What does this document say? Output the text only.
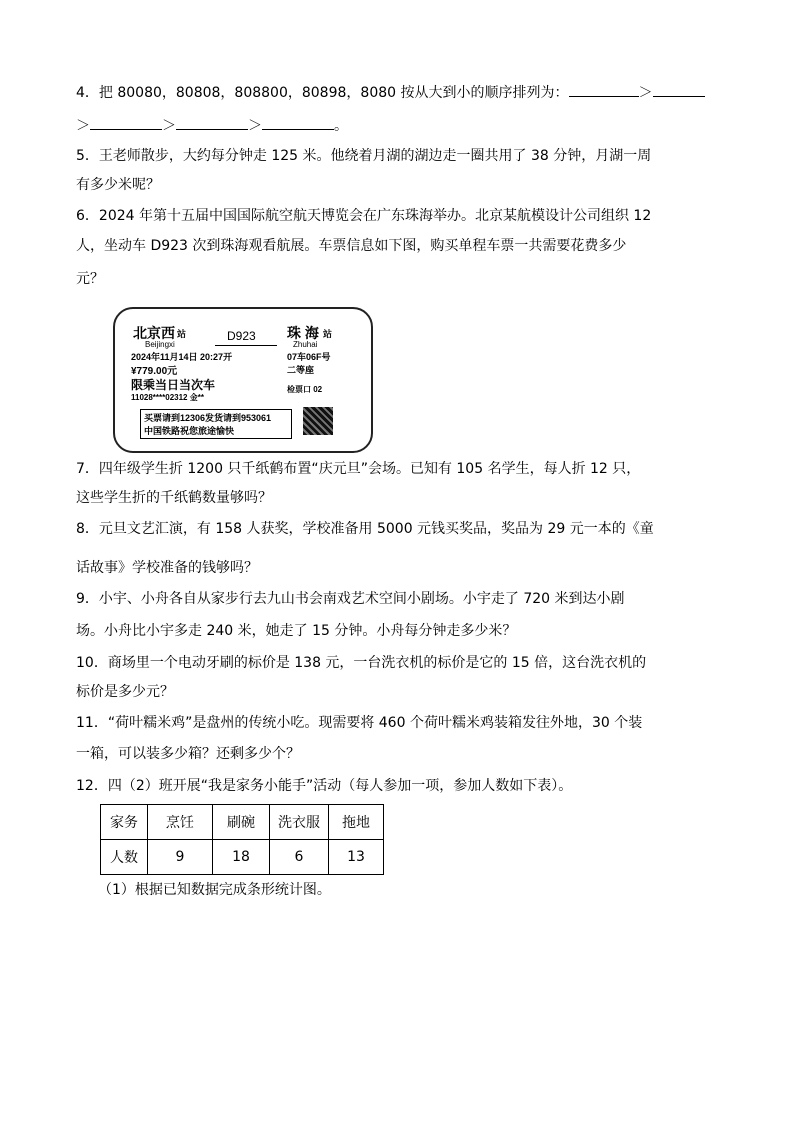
4．把 80080，80808，808800，80898，8080 按从大到小的顺序排列为：	＞
＞	＞	＞	。
5．王老师散步，大约每分钟走 125 米。他绕着月湖的湖边走一圈共用了 38 分钟，月湖一周
有多少米呢？
6．2024 年第十五届中国国际航空航天博览会在广东珠海举办。北京某航模设计公司组织 12
人，坐动车 D923 次到珠海观看航展。车票信息如下图，购买单程车票一共需要花费多少
元？
北京西 站
Beijingxi
D923 珠 海 站
Zhuhai
2024年11月14日 20:27开	07车06F号
¥779.00元	二等座
限乘当日当次车	检票口 02
11028****02312 金**
买票请到12306发货请到953061
中国铁路祝您旅途愉快
7．四年级学生折 1200 只千纸鹤布置“庆元旦”会场。已知有 105 名学生，每人折 12 只，
这些学生折的千纸鹤数量够吗？
8．元旦文艺汇演，有 158 人获奖，学校准备用 5000 元钱买奖品，奖品为 29 元一本的《童
话故事》学校准备的钱够吗？
9．小宇、小舟各自从家步行去九山书会南戏艺术空间小剧场。小宇走了 720 米到达小剧
场。小舟比小宇多走 240 米，她走了 15 分钟。小舟每分钟走多少米？
10．商场里一个电动牙刷的标价是 138 元，一台洗衣机的标价是它的 15 倍，这台洗衣机的
标价是多少元？
11．“荷叶糯米鸡”是盘州的传统小吃。现需要将 460 个荷叶糯米鸡装箱发往外地，30 个装
一箱，可以装多少箱？还剩多少个？
12．四（2）班开展“我是家务小能手”活动（每人参加一项，参加人数如下表）。
家务	烹饪	刷碗	洗衣服	拖地
人数	9	18	6	13
（1）根据已知数据完成条形统计图。
